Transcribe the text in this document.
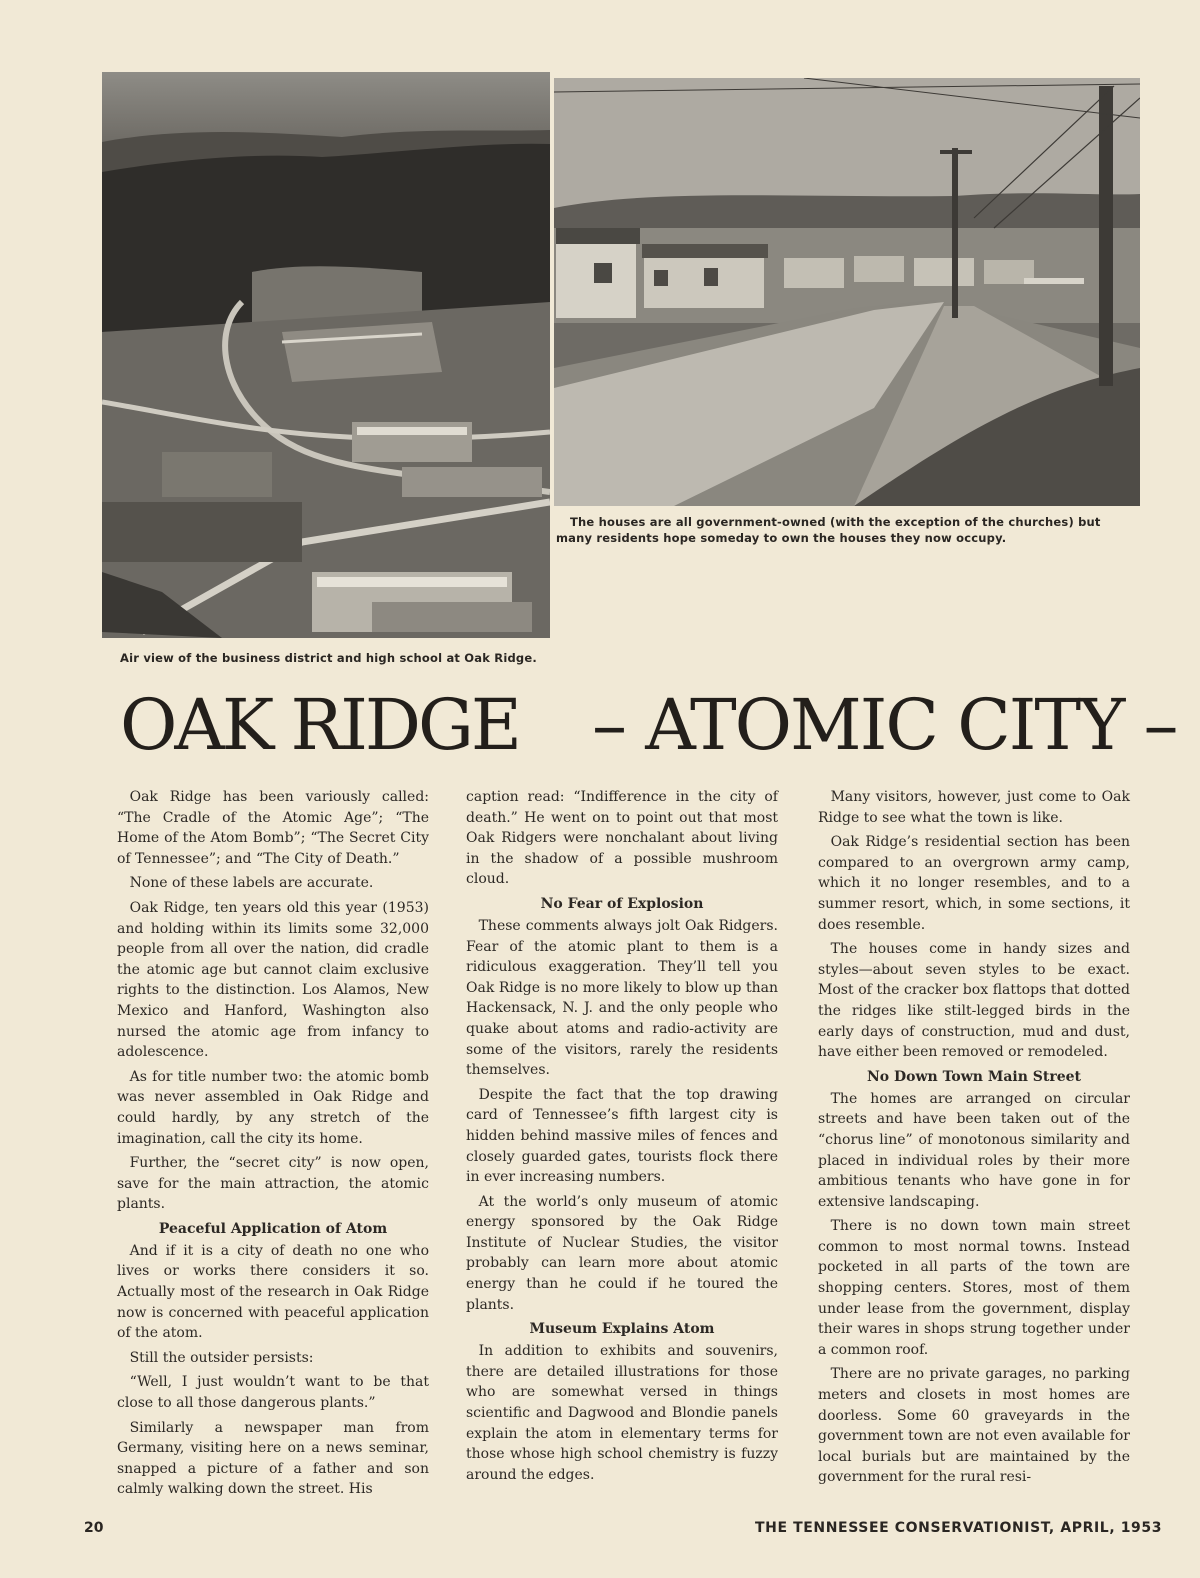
The houses are all government-owned (with the exception of the churches) but many residents hope someday to own the houses they now occupy.
Air view of the business district and high school at Oak Ridge.
OAK RIDGE – ATOMIC CITY –

Oak Ridge has been variously called: “The Cradle of the Atomic Age”; “The Home of the Atom Bomb”; “The Secret City of Tennessee”; and “The City of Death.”

None of these labels are accurate.

Oak Ridge, ten years old this year (1953) and holding within its limits some 32,000 people from all over the nation, did cradle the atomic age but cannot claim exclusive rights to the distinction. Los Alamos, New Mexico and Hanford, Washington also nursed the atomic age from infancy to adolescence.

As for title number two: the atomic bomb was never assembled in Oak Ridge and could hardly, by any stretch of the imagination, call the city its home.

Further, the “secret city” is now open, save for the main attraction, the atomic plants.

Peaceful Application of Atom

And if it is a city of death no one who lives or works there considers it so. Actually most of the research in Oak Ridge now is concerned with peaceful application of the atom.

Still the outsider persists:

“Well, I just wouldn’t want to be that close to all those dangerous plants.”

Similarly a newspaper man from Germany, visiting here on a news seminar, snapped a picture of a father and son calmly walking down the street. His

caption read: “Indifference in the city of death.” He went on to point out that most Oak Ridgers were nonchalant about living in the shadow of a possible mushroom cloud.

No Fear of Explosion

These comments always jolt Oak Ridgers. Fear of the atomic plant to them is a ridiculous exaggeration. They’ll tell you Oak Ridge is no more likely to blow up than Hackensack, N. J. and the only people who quake about atoms and radio-activity are some of the visitors, rarely the residents themselves.

Despite the fact that the top drawing card of Tennessee’s fifth largest city is hidden behind massive miles of fences and closely guarded gates, tourists flock there in ever increasing numbers.

At the world’s only museum of atomic energy sponsored by the Oak Ridge Institute of Nuclear Studies, the visitor probably can learn more about atomic energy than he could if he toured the plants.

Museum Explains Atom

In addition to exhibits and souvenirs, there are detailed illustrations for those who are somewhat versed in things scientific and Dagwood and Blondie panels explain the atom in elementary terms for those whose high school chemistry is fuzzy around the edges.

Many visitors, however, just come to Oak Ridge to see what the town is like.

Oak Ridge’s residential section has been compared to an overgrown army camp, which it no longer resembles, and to a summer resort, which, in some sections, it does resemble.

The houses come in handy sizes and styles—about seven styles to be exact. Most of the cracker box flattops that dotted the ridges like stilt-legged birds in the early days of construction, mud and dust, have either been removed or remodeled.

No Down Town Main Street

The homes are arranged on circular streets and have been taken out of the “chorus line” of monotonous similarity and placed in individual roles by their more ambitious tenants who have gone in for extensive landscaping.

There is no down town main street common to most normal towns. Instead pocketed in all parts of the town are shopping centers. Stores, most of them under lease from the government, display their wares in shops strung together under a common roof.

There are no private garages, no parking meters and closets in most homes are doorless. Some 60 graveyards in the government town are not even available for local burials but are maintained by the government for the rural resi-

20	THE TENNESSEE CONSERVATIONIST, APRIL, 1953
